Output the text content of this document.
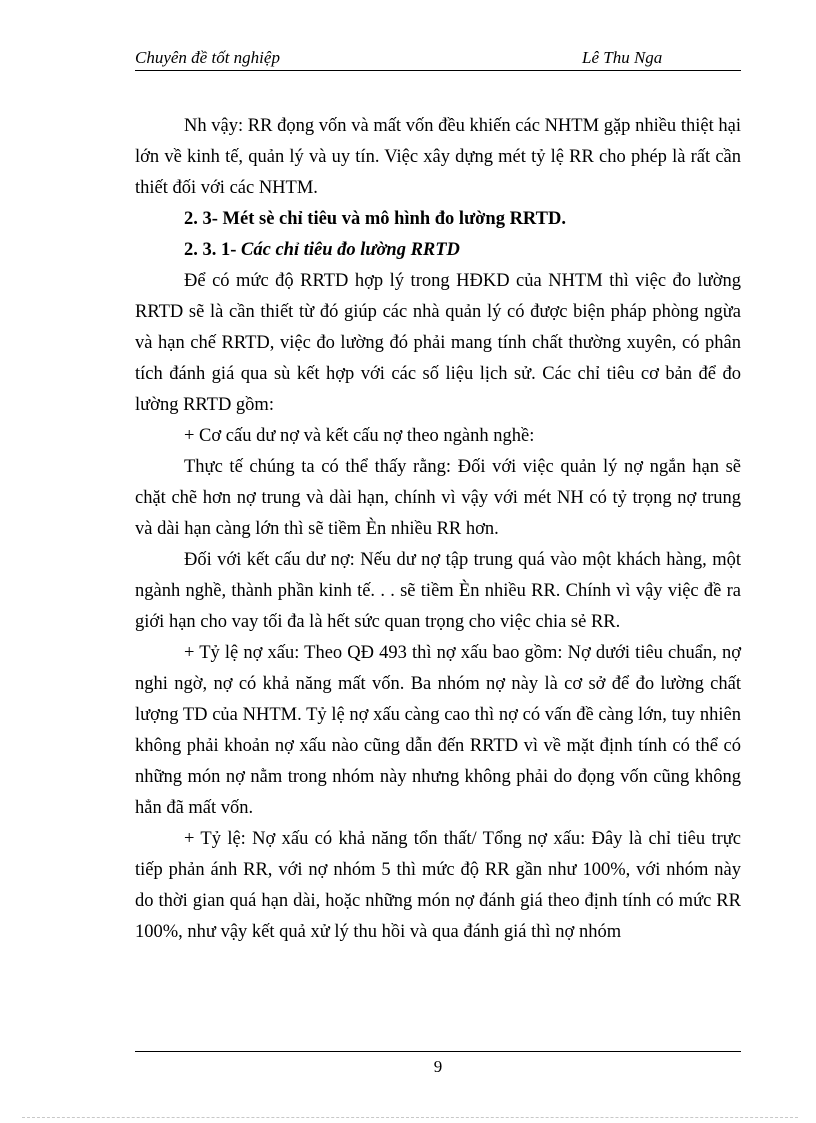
Chuyên đề tốt nghiệp	Lê Thu Nga

Nh vậy: RR đọng vốn và mất vốn đều khiến các NHTM gặp nhiều thiệt hại lớn về kinh tế, quản lý và uy tín. Việc xây dựng mét tỷ lệ RR cho phép là rất cần thiết đối với các NHTM.

2. 3- Mét sè chỉ tiêu và mô hình đo lường RRTD.

2. 3. 1- Các chỉ tiêu đo lường RRTD

Để có mức độ RRTD hợp lý trong HĐKD của NHTM thì việc đo lường RRTD sẽ là cần thiết từ đó giúp các nhà quản lý có được biện pháp phòng ngừa và hạn chế RRTD, việc đo lường đó phải mang tính chất thường xuyên, có phân tích đánh giá qua sù kết hợp với các số liệu lịch sử. Các chỉ tiêu cơ bản để đo lường RRTD gồm:

+ Cơ cấu dư nợ và kết cấu nợ theo ngành nghề:

Thực tế chúng ta có thể thấy rằng: Đối với việc quản lý nợ ngắn hạn sẽ chặt chẽ hơn nợ trung và dài hạn, chính vì vậy với mét NH có tỷ trọng nợ trung và dài hạn càng lớn thì sẽ tiềm Èn nhiều RR hơn.

Đối với kết cấu dư nợ: Nếu dư nợ tập trung quá vào một khách hàng, một ngành nghề, thành phần kinh tế. . . sẽ tiềm Èn nhiều RR. Chính vì vậy việc đề ra giới hạn cho vay tối đa là hết sức quan trọng cho việc chia sẻ RR.

+ Tỷ lệ nợ xấu: Theo QĐ 493 thì nợ xấu bao gồm: Nợ dưới tiêu chuẩn, nợ nghi ngờ, nợ có khả năng mất vốn. Ba nhóm nợ này là cơ sở để đo lường chất lượng TD của NHTM. Tỷ lệ nợ xấu càng cao thì nợ có vấn đề càng lớn, tuy nhiên không phải khoản nợ xấu nào cũng dẫn đến RRTD vì về mặt định tính có thể có những món nợ nằm trong nhóm này nhưng không phải do đọng vốn cũng không hẳn đã mất vốn.

+ Tỷ lệ: Nợ xấu có khả năng tổn thất/ Tổng nợ xấu: Đây là chỉ tiêu trực tiếp phản ánh RR, với nợ nhóm 5 thì mức độ RR gần như 100%, với nhóm này do thời gian quá hạn dài, hoặc những món nợ đánh giá theo định tính có mức RR 100%, như vậy kết quả xử lý thu hồi và qua đánh giá thì nợ nhóm

9
